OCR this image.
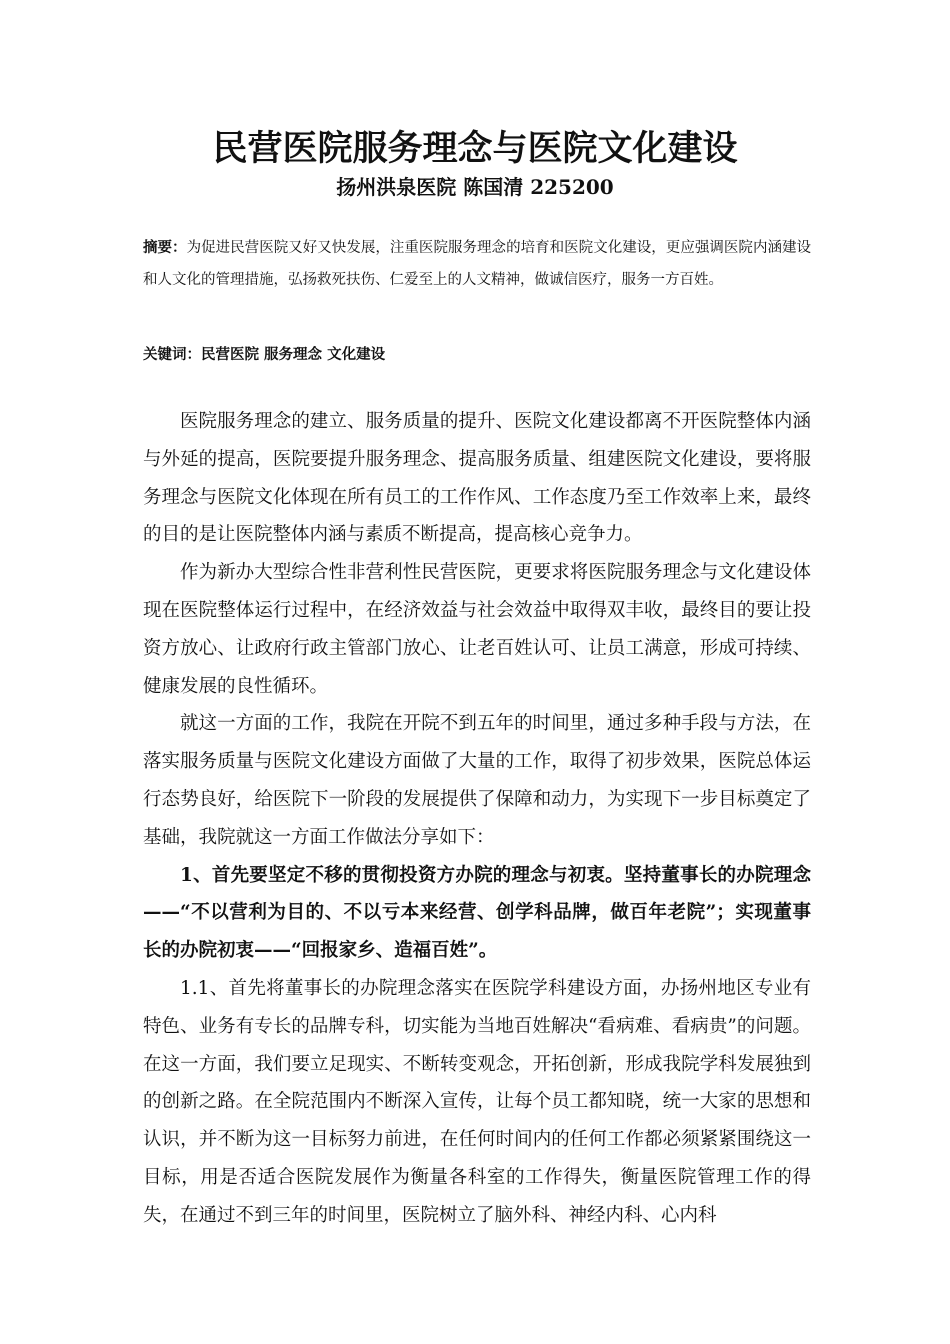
民营医院服务理念与医院文化建设
扬州洪泉医院 陈国清 225200
摘要：为促进民营医院又好又快发展，注重医院服务理念的培育和医院文化建设，更应强调医院内涵建设和人文化的管理措施，弘扬救死扶伤、仁爱至上的人文精神，做诚信医疗，服务一方百姓。
关键词：民营医院 服务理念 文化建设

医院服务理念的建立、服务质量的提升、医院文化建设都离不开医院整体内涵与外延的提高，医院要提升服务理念、提高服务质量、组建医院文化建设，要将服务理念与医院文化体现在所有员工的工作作风、工作态度乃至工作效率上来，最终的目的是让医院整体内涵与素质不断提高，提高核心竞争力。

作为新办大型综合性非营利性民营医院，更要求将医院服务理念与文化建设体现在医院整体运行过程中，在经济效益与社会效益中取得双丰收，最终目的要让投资方放心、让政府行政主管部门放心、让老百姓认可、让员工满意，形成可持续、健康发展的良性循环。

就这一方面的工作，我院在开院不到五年的时间里，通过多种手段与方法，在落实服务质量与医院文化建设方面做了大量的工作，取得了初步效果，医院总体运行态势良好，给医院下一阶段的发展提供了保障和动力，为实现下一步目标奠定了基础，我院就这一方面工作做法分享如下：

1、首先要坚定不移的贯彻投资方办院的理念与初衷。坚持董事长的办院理念——“不以营利为目的、不以亏本来经营、创学科品牌，做百年老院”；实现董事长的办院初衷——“回报家乡、造福百姓”。

1.1、首先将董事长的办院理念落实在医院学科建设方面，办扬州地区专业有特色、业务有专长的品牌专科，切实能为当地百姓解决“看病难、看病贵”的问题。在这一方面，我们要立足现实、不断转变观念，开拓创新，形成我院学科发展独到的创新之路。在全院范围内不断深入宣传，让每个员工都知晓，统一大家的思想和认识，并不断为这一目标努力前进，在任何时间内的任何工作都必须紧紧围绕这一目标，用是否适合医院发展作为衡量各科室的工作得失，衡量医院管理工作的得失，在通过不到三年的时间里，医院树立了脑外科、神经内科、心内科
